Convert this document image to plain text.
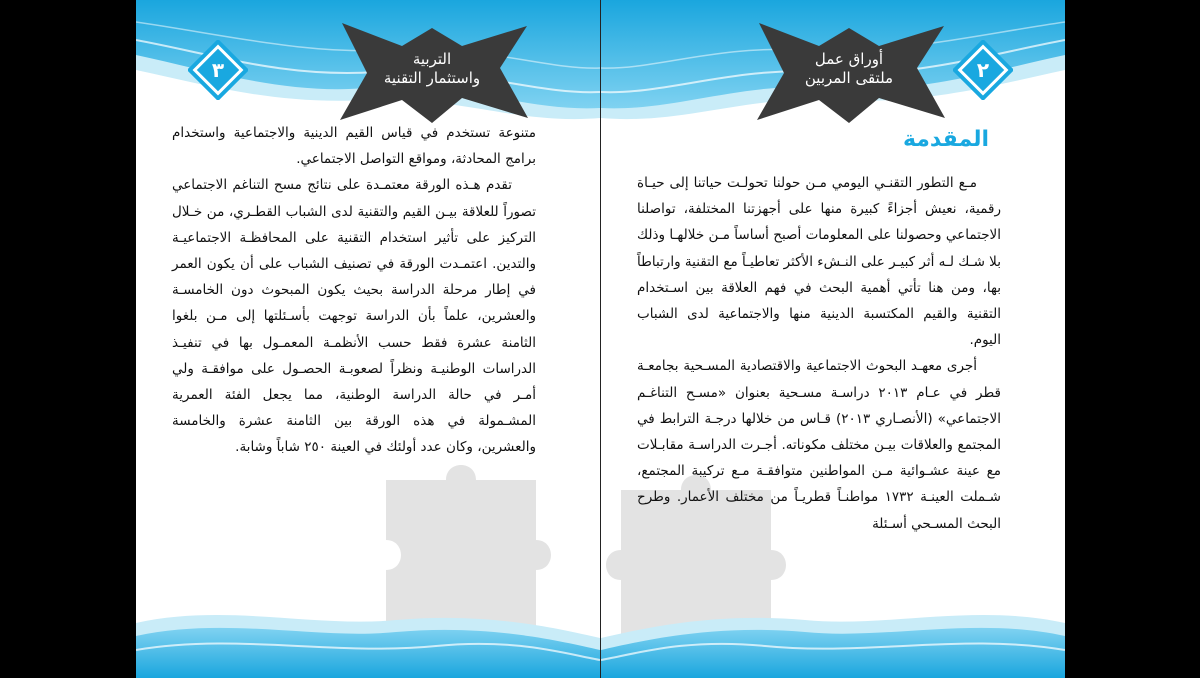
٣	التربية
واستثمار التقنية

متنوعة تستخدم في قياس القيم الدينية والاجتماعية واستخدام برامج المحادثة، ومواقع التواصل الاجتماعي.

تقدم هـذه الورقة معتمـدة على نتائج مسح التناغم الاجتماعي تصوراً للعلاقة بيـن القيم والتقنية لدى الشباب القطـري، من خـلال التركيز على تأثير استخدام التقنية على المحافظـة الاجتماعيـة والتدين. اعتمـدت الورقة في تصنيف الشباب على أن يكون العمر في إطار مرحلة الدراسة بحيث يكون المبحوث دون الخامسـة والعشرين، علماً بأن الدراسة توجهت بأسـئلتها إلى مـن بلغوا الثامنة عشرة فقط حسب الأنظمـة المعمـول بها في تنفيـذ الدراسات الوطنيـة ونظراً لصعوبـة الحصـول على موافقـة ولي أمـر في حالة الدراسة الوطنية، مما يجعل الفئة العمرية المشـمولة في هذه الورقة بين الثامنة عشرة والخامسة والعشرين، وكان عدد أولئك في العينة ٢٥٠ شاباً وشابة.

أوراق عمل
ملتقى المربين	٢
المقدمة

مـع التطور التقنـي اليومي مـن حولنا تحولـت حياتنا إلى حيـاة رقمية، نعيش أجزاءً كبيرة منها على أجهزتنا المختلفة، تواصلنا الاجتماعي وحصولنا على المعلومات أصبح أساساً مـن خلالهـا وذلك بلا شـك لـه أثر كبيـر على النـشء الأكثر تعاطيـاً مع التقنية وارتباطاً بها، ومن هنا تأتي أهمية البحث في فهم العلاقة بين اسـتخدام التقنية والقيم المكتسبة الدينية منها والاجتماعية لدى الشباب اليوم.

أجرى معهـد البحوث الاجتماعية والاقتصادية المسـحية بجامعـة قطر في عـام ٢٠١٣ دراسـة مسـحية بعنوان «مسـح التناغـم الاجتماعي» (الأنصـاري ٢٠١٣) قـاس من خلالها درجـة الترابط في المجتمع والعلاقات بيـن مختلف مكوناته. أجـرت الدراسـة مقابـلات مع عينة عشـوائية مـن المواطنين متوافقـة مـع تركيبة المجتمع، شـملت العينـة ١٧٣٢ مواطنـاً قطريـاً من مختلف الأعمار. وطرح البحث المسـحي أسـئلة
